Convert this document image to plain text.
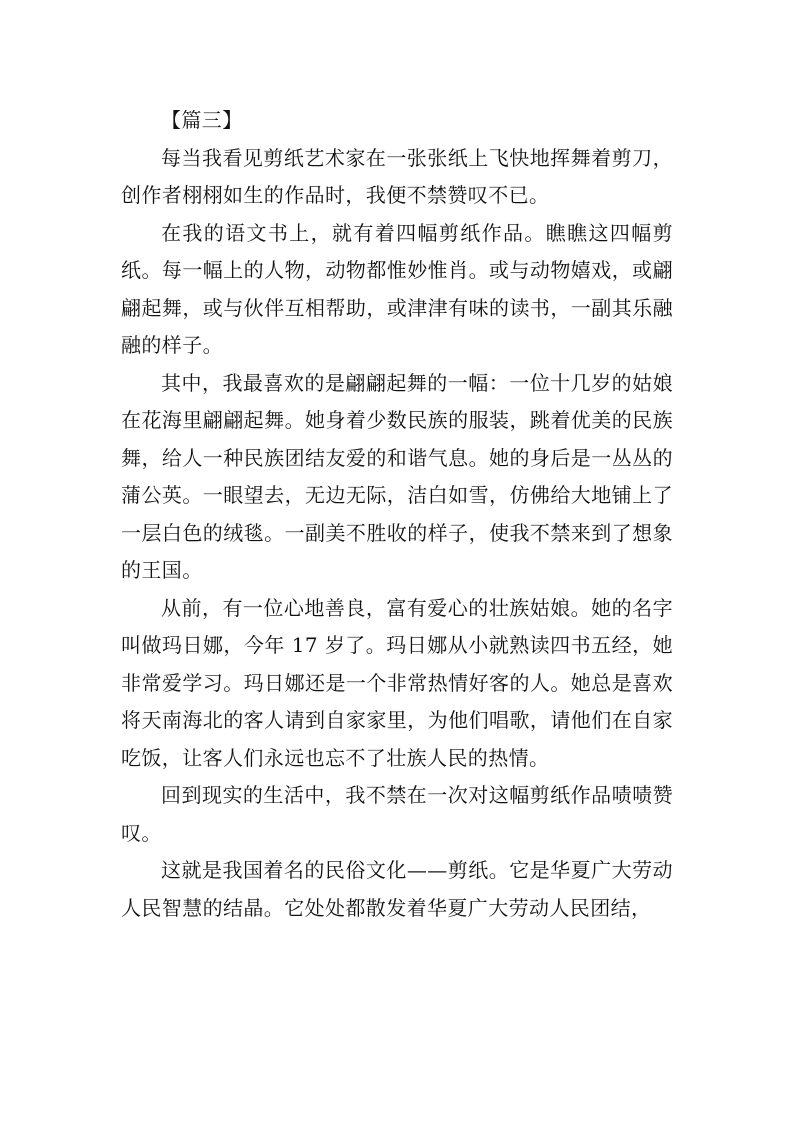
【篇三】

每当我看见剪纸艺术家在一张张纸上飞快地挥舞着剪刀，创作者栩栩如生的作品时，我便不禁赞叹不已。

在我的语文书上，就有着四幅剪纸作品。瞧瞧这四幅剪纸。每一幅上的人物，动物都惟妙惟肖。或与动物嬉戏，或翩翩起舞，或与伙伴互相帮助，或津津有味的读书，一副其乐融融的样子。

其中，我最喜欢的是翩翩起舞的一幅：一位十几岁的姑娘在花海里翩翩起舞。她身着少数民族的服装，跳着优美的民族舞，给人一种民族团结友爱的和谐气息。她的身后是一丛丛的蒲公英。一眼望去，无边无际，洁白如雪，仿佛给大地铺上了一层白色的绒毯。一副美不胜收的样子，使我不禁来到了想象的王国。

从前，有一位心地善良，富有爱心的壮族姑娘。她的名字叫做玛日娜，今年 17 岁了。玛日娜从小就熟读四书五经，她非常爱学习。玛日娜还是一个非常热情好客的人。她总是喜欢将天南海北的客人请到自家家里，为他们唱歌，请他们在自家吃饭，让客人们永远也忘不了壮族人民的热情。

回到现实的生活中，我不禁在一次对这幅剪纸作品啧啧赞叹。

这就是我国着名的民俗文化——剪纸。它是华夏广大劳动人民智慧的结晶。它处处都散发着华夏广大劳动人民团结，
